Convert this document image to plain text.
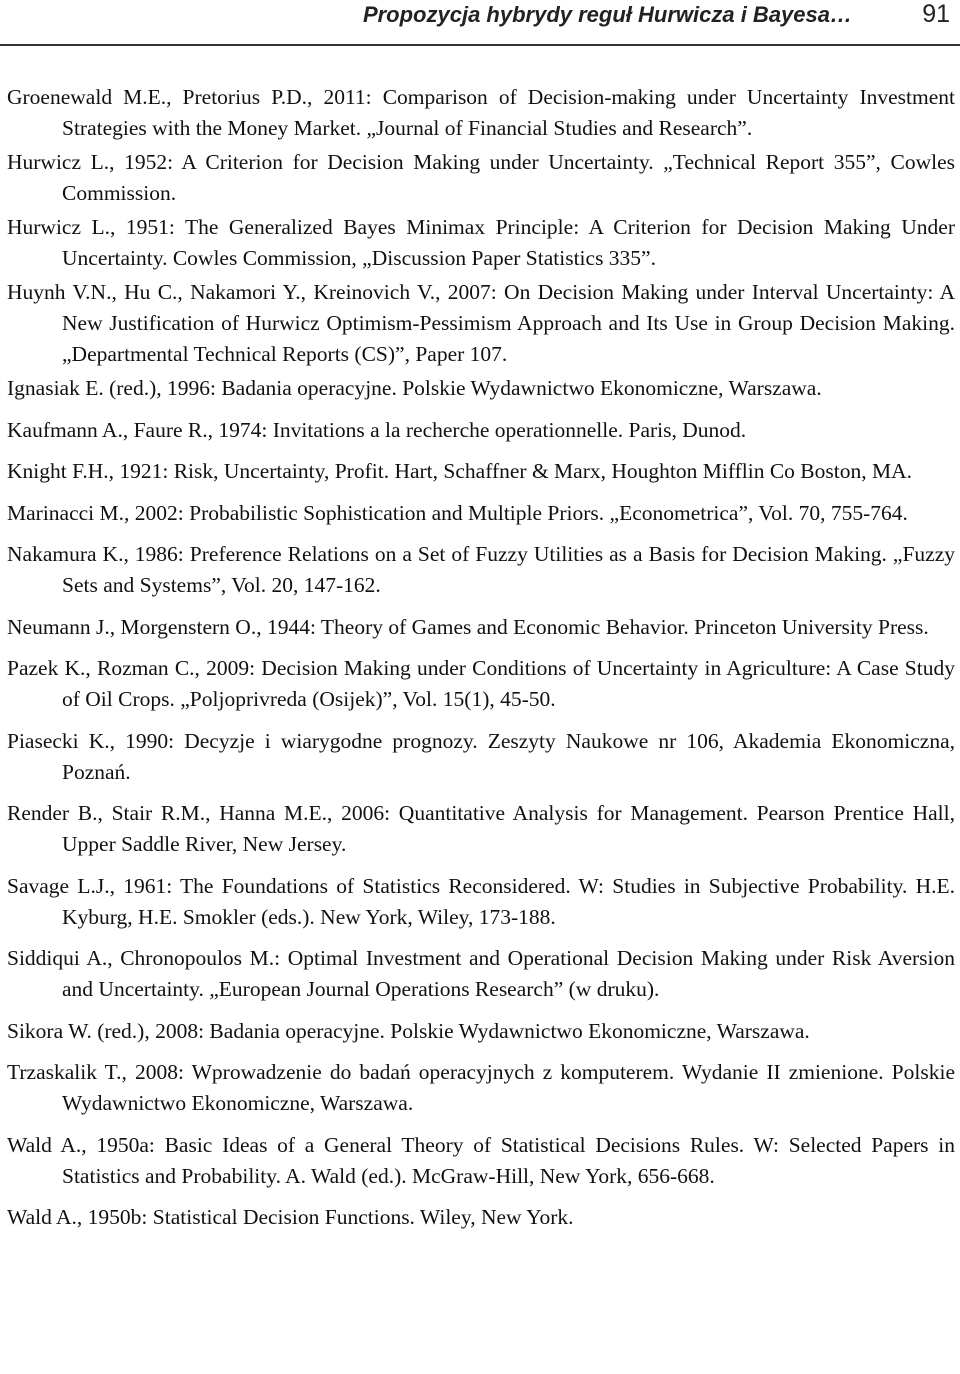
Propozycja hybrydy reguł Hurwicza i Bayesa…	91
Groenewald M.E., Pretorius P.D., 2011: Comparison of Decision-making under Uncertainty Investment Strategies with the Money Market. „Journal of Financial Studies and Research”.
Hurwicz L., 1952: A Criterion for Decision Making under Uncertainty. „Technical Report 355”, Cowles Commission.
Hurwicz L., 1951: The Generalized Bayes Minimax Principle: A Criterion for Decision Making Under Uncertainty. Cowles Commission, „Discussion Paper Statistics 335”.
Huynh V.N., Hu C., Nakamori Y., Kreinovich V., 2007: On Decision Making under Interval Uncertainty: A New Justification of Hurwicz Optimism-Pessimism Approach and Its Use in Group Decision Making. „Departmental Technical Reports (CS)”, Paper 107.
Ignasiak E. (red.), 1996: Badania operacyjne. Polskie Wydawnictwo Ekonomiczne, Warszawa.
Kaufmann A., Faure R., 1974: Invitations a la recherche operationnelle. Paris, Dunod.
Knight F.H., 1921: Risk, Uncertainty, Profit. Hart, Schaffner & Marx, Houghton Mifflin Co Boston, MA.
Marinacci M., 2002: Probabilistic Sophistication and Multiple Priors. „Econometrica”, Vol. 70, 755-764.
Nakamura K., 1986: Preference Relations on a Set of Fuzzy Utilities as a Basis for Decision Making. „Fuzzy Sets and Systems”, Vol. 20, 147-162.
Neumann J., Morgenstern O., 1944: Theory of Games and Economic Behavior. Princeton University Press.
Pazek K., Rozman C., 2009: Decision Making under Conditions of Uncertainty in Agriculture: A Case Study of Oil Crops. „Poljoprivreda (Osijek)”, Vol. 15(1), 45-50.
Piasecki K., 1990: Decyzje i wiarygodne prognozy. Zeszyty Naukowe nr 106, Akademia Ekonomiczna, Poznań.
Render B., Stair R.M., Hanna M.E., 2006: Quantitative Analysis for Management. Pearson Prentice Hall, Upper Saddle River, New Jersey.
Savage L.J., 1961: The Foundations of Statistics Reconsidered. W: Studies in Subjective Probability. H.E. Kyburg, H.E. Smokler (eds.). New York, Wiley, 173-188.
Siddiqui A., Chronopoulos M.: Optimal Investment and Operational Decision Making under Risk Aversion and Uncertainty. „European Journal Operations Research” (w druku).
Sikora W. (red.), 2008: Badania operacyjne. Polskie Wydawnictwo Ekonomiczne, Warszawa.
Trzaskalik T., 2008: Wprowadzenie do badań operacyjnych z komputerem. Wydanie II zmienione. Polskie Wydawnictwo Ekonomiczne, Warszawa.
Wald A., 1950a: Basic Ideas of a General Theory of Statistical Decisions Rules. W: Selected Papers in Statistics and Probability. A. Wald (ed.). McGraw-Hill, New York, 656-668.
Wald A., 1950b: Statistical Decision Functions. Wiley, New York.
